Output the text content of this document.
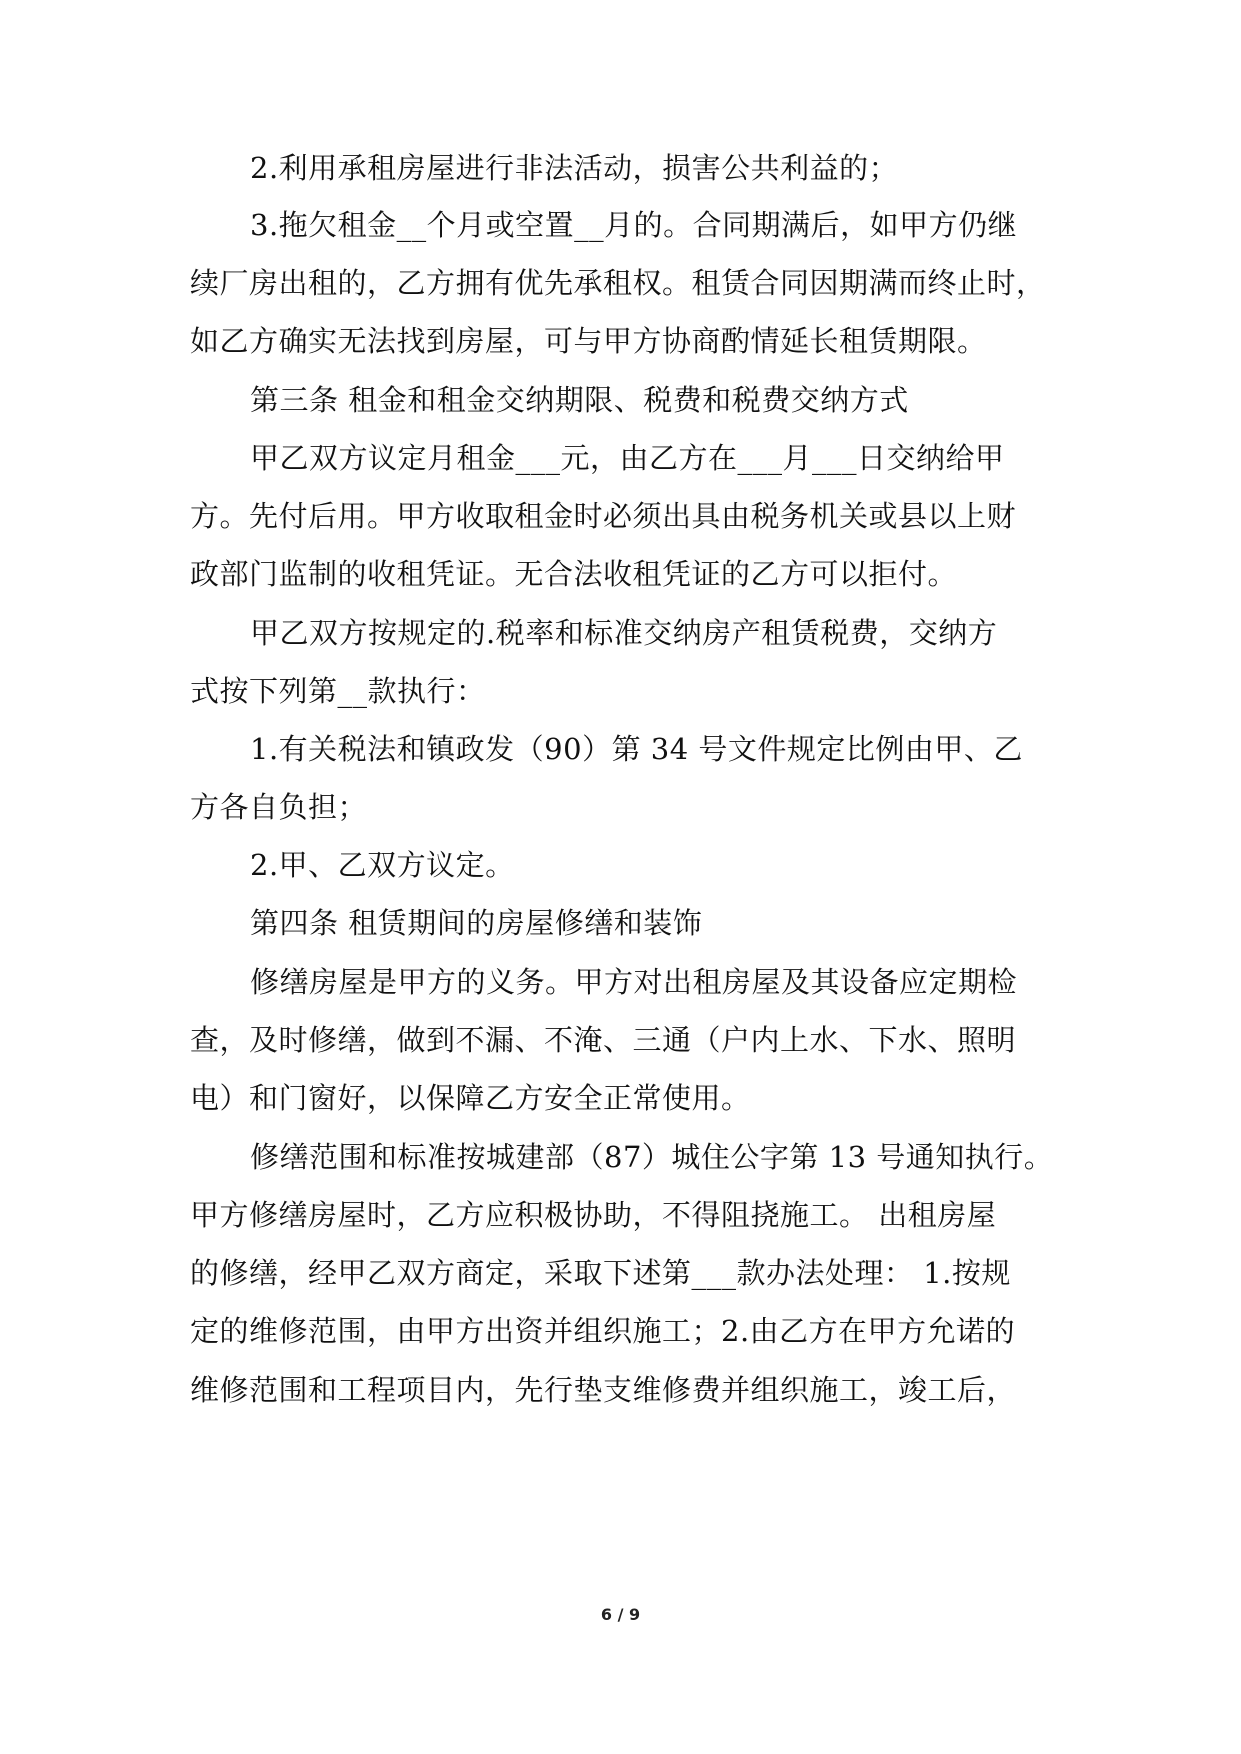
2.利用承租房屋进行非法活动，损害公共利益的；
3.拖欠租金__个月或空置__月的。合同期满后，如甲方仍继
续厂房出租的，乙方拥有优先承租权。租赁合同因期满而终止时，
如乙方确实无法找到房屋，可与甲方协商酌情延长租赁期限。
第三条 租金和租金交纳期限、税费和税费交纳方式
甲乙双方议定月租金___元，由乙方在___月___日交纳给甲
方。先付后用。甲方收取租金时必须出具由税务机关或县以上财
政部门监制的收租凭证。无合法收租凭证的乙方可以拒付。
甲乙双方按规定的.税率和标准交纳房产租赁税费，交纳方
式按下列第__款执行：
1.有关税法和镇政发（90）第 34 号文件规定比例由甲、乙
方各自负担；
2.甲、乙双方议定。
第四条 租赁期间的房屋修缮和装饰
修缮房屋是甲方的义务。甲方对出租房屋及其设备应定期检
查，及时修缮，做到不漏、不淹、三通（户内上水、下水、照明
电）和门窗好，以保障乙方安全正常使用。
修缮范围和标准按城建部（87）城住公字第 13 号通知执行。
甲方修缮房屋时，乙方应积极协助，不得阻挠施工。 出租房屋
的修缮，经甲乙双方商定，采取下述第___款办法处理： 1.按规
定的维修范围，由甲方出资并组织施工；2.由乙方在甲方允诺的
维修范围和工程项目内，先行垫支维修费并组织施工，竣工后，
6 / 9
